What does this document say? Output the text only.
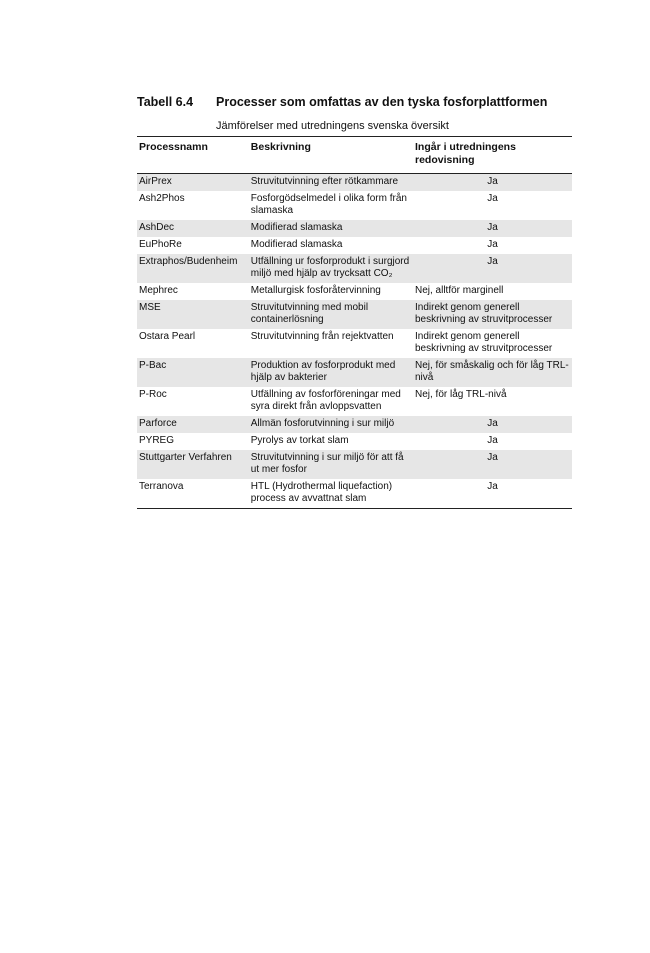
Tabell 6.4 Processer som omfattas av den tyska fosforplattformen
Jämförelser med utredningens svenska översikt
Processnamn	Beskrivning	Ingår i utredningens redovisning
AirPrex	Struvitutvinning efter rötkammare	Ja
Ash2Phos	Fosforgödselmedel i olika form från slamaska	Ja
AshDec	Modifierad slamaska	Ja
EuPhoRe	Modifierad slamaska	Ja
Extraphos/Budenheim	Utfällning ur fosforprodukt i surgjord miljö med hjälp av trycksatt CO₂	Ja
Mephrec	Metallurgisk fosforåtervinning	Nej, alltför marginell
MSE	Struvitutvinning med mobil containerlösning	Indirekt genom generell beskrivning av struvitprocesser
Ostara Pearl	Struvitutvinning från rejektvatten	Indirekt genom generell beskrivning av struvitprocesser
P-Bac	Produktion av fosforprodukt med hjälp av bakterier	Nej, för småskalig och för låg TRL-nivå
P-Roc	Utfällning av fosforföreningar med syra direkt från avloppsvatten	Nej, för låg TRL-nivå
Parforce	Allmän fosforutvinning i sur miljö	Ja
PYREG	Pyrolys av torkat slam	Ja
Stuttgarter Verfahren	Struvitutvinning i sur miljö för att få ut mer fosfor	Ja
Terranova	HTL (Hydrothermal liquefaction) process av avvattnat slam	Ja
